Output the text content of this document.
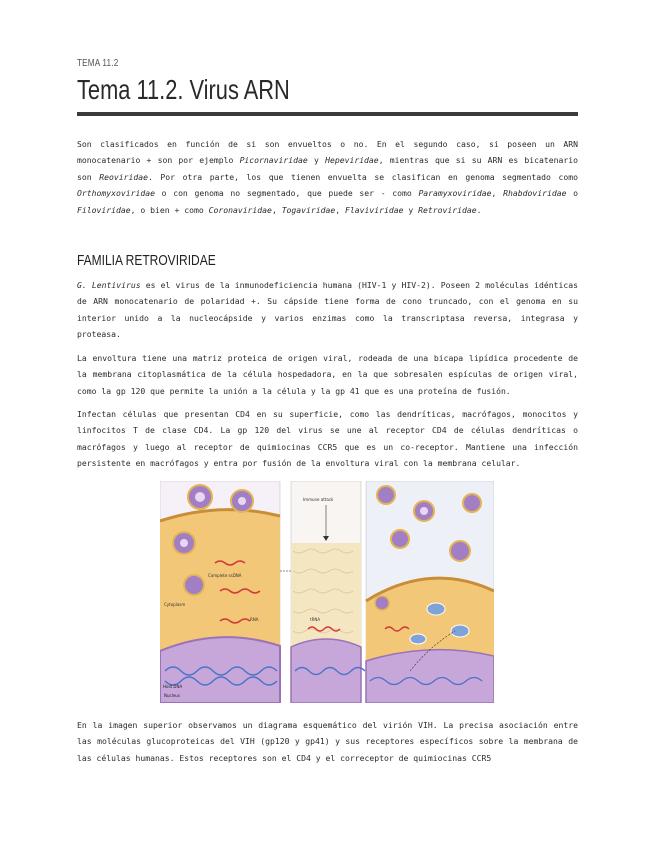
TEMA 11.2
Tema 11.2. Virus ARN

Son clasificados en función de si son envueltos o no. En el segundo caso, si poseen un ARN monocatenario + son por ejemplo Picornaviridae y Hepeviridae, mientras que si su ARN es bicatenario son Reoviridae. Por otra parte, los que tienen envuelta se clasifican en genoma segmentado como Orthomyxoviridae o con genoma no segmentado, que puede ser - como Paramyxoviridae, Rhabdoviridae o Filoviridae, o bien + como Coronaviridae, Togaviridae, Flaviviridae y Retroviridae.

FAMILIA RETROVIRIDAE

G. Lentivirus es el virus de la inmunodeficiencia humana (HIV-1 y HIV-2). Poseen 2 moléculas idénticas de ARN monocatenario de polaridad +. Su cápside tiene forma de cono truncado, con el genoma en su interior unido a la nucleocápside y varios enzimas como la transcriptasa reversa, integrasa y proteasa.

La envoltura tiene una matriz proteica de origen viral, rodeada de una bicapa lipídica procedente de la membrana citoplasmática de la célula hospedadora, en la que sobresalen espículas de origen viral, como la gp 120 que permite la unión a la célula y la gp 41 que es una proteína de fusión.

Infectan células que presentan CD4 en su superficie, como las dendríticas, macrófagos, monocitos y linfocitos T de clase CD4. La gp 120 del virus se une al receptor CD4 de células dendríticas o macrófagos y luego al receptor de quimiocinas CCR5 que es un co-receptor. Mantiene una infección persistente en macrófagos y entra por fusión de la envoltura viral con la membrana celular.

Cytoplasm
Complete ssDNA
RNA
Host DNA
Nucleus
Immune attack
tRNA

En la imagen superior observamos un diagrama esquemático del virión VIH. La precisa asociación entre las moléculas glucoproteicas del VIH (gp120 y gp41) y sus receptores específicos sobre la membrana de las células humanas. Estos receptores son el CD4 y el correceptor de quimiocinas CCR5
